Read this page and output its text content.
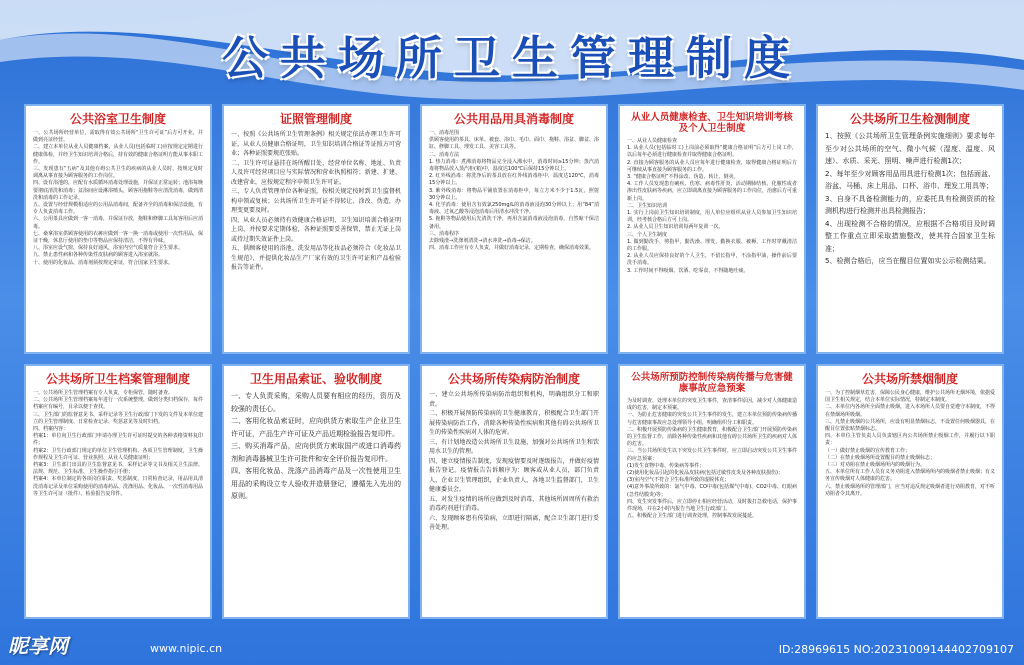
公共场所卫生管理制度
公共浴室卫生制度
一、公共场所经营单位，需取得有效公共场所“卫生许可证”后方可开业，并做到亮证经营。
二、建立本单位从业人员健康档案，从业人员(包括临时工)应按规定定期进行健康体检，并经卫生知识培训合格后，持有效的健康合格证明方能从事本职工作。
三、发现患有“五病”及其他有碍公共卫生的疾病的从业人员时，按规定及时调离从事直接为顾客服务的工作岗位。
四、设有浴池的，应配有水质循环消毒处理设施，并保证正常运转；池浴每晚要彻底清洗和消毒；盆浴间应设淋浴喷头，顾客用拖鞋等应清洗消毒，做到清洗和消毒的工作记录。
五、设置与经营规模相适应的公用品消毒间，配备齐全的消毒和保洁设施，有专人负责消毒工作。
六、公用茶具应做到一客一消毒，并保证存放，拖鞋和修脚工具每客用后应消毒。
七、桑拿浴室供顾客使用的衣裤应做到一客一换一消毒或使用一次性用品，保证干燥，休息厅使用的垫巾等物品应保持清洁，不得有异味。
八、浴室应设气窗，保持良好通风，浴室内空气质量符合卫生要求。
九、禁止患性病和各种传染性皮肤病的顾客进入浴室就浴。
十、使用的化妆品、消毒剂须按规定索证，符合国家卫生要求。
证照管理制度
一、按照《公共场所卫生管理条例》相关规定依法办理卫生许可证，从业人员健康合格证明，卫生知识培训合格证等证照方可营业；各种证照要规范张贴。
二、卫生许可证悬挂在场所醒目处，经营单位名称、地址、负责人及许可经营项目应与实际情况和营业执照相符；新建、扩建、改建营业，应按规定程序申领卫生许可证。
三、专人负责管理单位各种证照，按相关规定按时到卫生监督机构申领或复核；公共场所卫生许可证不得转让、涂改、伪造，办理变更要及时。
四、从业人员必须持有效健康合格证明、卫生知识培训合格证明上岗，并按要求定期体检，各种证照要妥善保管，禁止无证上岗或持过期失效证件上岗。
五、供顾客使用的浴池、洗发用品等化妆品必须符合《化妆品卫生规范》，并提供化妆品生产厂家有效的卫生许可证和产品检验报告等证件。
公共用品用具消毒制度
一、消毒范围
供顾客使用的茶具、床单、被套、浴巾、毛巾、面巾、拖鞋、浴盆、脚盆、浴缸、修脚工具、理发工具、美容工具等。
二、消毒方法
1. 热力消毒：煮沸消毒将物品完全浸入沸水中，消毒时间≥15分钟；蒸汽消毒将物品放入蒸汽柜(箱)中，温度达100℃后保持15分钟以上。
2. 红外线消毒：将洗净后的茶具放在红外线消毒柜中，温度达120℃，消毒15分钟以上。
3. 紫外线消毒：将物品平铺放置在消毒柜中，每立方米不少于1.5瓦，照射30分钟以上。
4. 化学消毒：使用含有效氯250mg/L的消毒液浸泡30分钟以上；用“84”消毒液、过氧乙酸等浸泡消毒后用清水冲洗干净。
5. 拖鞋等物品使用后先清洗干净，再用含氯消毒液浸泡消毒，自然晾干保洁备用。
三、消毒程序
去除残渣→洗涤剂清洗→清水冲洗→消毒→保洁。
四、消毒工作应有专人负责，并做好消毒记录，定期检查，确保消毒效果。
从业人员健康检查、卫生知识培训考核及个人卫生制度
一、从业人员健康检查
1. 从业人员(包括临时工)上岗前必须取得“健康合格证明”后方可上岗工作，以后每年必须进行健康检查并取得健康合格证明。
2. 直接为顾客服务的从业人员应每年进行健康检查，取得健康合格证明后方可继续从事直接为顾客服务的工作。
3. “健康合格证明”不得涂改、伪造、转让、倒卖。
4. 工作人员发现患有痢疾、伤寒、病毒性肝炎、活动期肺结核、化脓性或者渗出性皮肤病等疾病，应立即调离直接为顾客服务的工作岗位，治愈后方可重新上岗。
二、卫生知识培训
1. 实行上岗前卫生知识培训制度，用人单位应组织从业人员参加卫生知识培训，经考核合格后方可上岗。
2. 从业人员卫生知识培训每两年复训一次。
三、个人卫生制度
1. 做到勤洗手、剪指甲，勤洗澡、理发，勤换衣服、被褥，工作时穿戴清洁的工作服。
2. 从业人员应保持良好的个人卫生，不留长指甲，不涂指甲油，操作前后要洗手消毒。
3. 工作时间不得吸烟、饮酒、吃零食，不得随地吐痰。
公共场所卫生检测制度
1、按照《公共场所卫生管理条例实施细则》要求每年至少对公共场所的空气、微小气候（湿度、温度、风速）、水质、采光、照明、噪声进行检测1次；
2、每年至少对顾客用品用具进行检测1次；包括面盆、浴盆、马桶、床上用品、口杯、浴巾、理发工用具等；
3、自身不具备检测能力的，应委托具有检测资质的检测机构进行检测并出具检测报告；
4、出现检测不合格的情况，应根据不合格项目及时调整工作重点立即采取措施整改，使其符合国家卫生标准；
5、检测合格后，应当在醒目位置如实公示检测结果。
公共场所卫生档案管理制度
一、公共场所卫生管理档案有专人负责，专柜保管，随时备查。
二、公共场所卫生管理档案每年进行一次系统整理，做到分类归档保存，每件档案应有编号，目录以便于查找。
三、卫生部门的监督意见书、采样记录等卫生行政部门下发的文件及本单位建立的卫生管理制度、日常检查记录、奖惩意见等及时归档。
四、档案内容：
档案1：单位向卫生行政部门申请办理卫生许可证时提交的各种表格资料复印件；
档案2：卫生行政部门规定的单位卫生管理机构、各项卫生管理制度，卫生操作规程及卫生许可证、营业执照、从业人员健康证明；
档案3：卫生部门出具的卫生监督意见书，采样记录等文书及相关卫生法律、法规、规范、卫生标准、卫生操作指引手册；
档案4：本单位制定的各项岗位职责、奖惩制度，日常检查记录，用品用具清洗消毒记录及单位采购使用的消毒药品、洗涤用品、化妆品、一次性消毒用品等卫生许可证（批件）、检验报告复印件。
卫生用品索证、验收制度
一、专人负责采购，采购人员要有相应的经历，资历及较强的责任心。
二、客用化妆品索证时，应向供货方索取生产企业卫生许可证，产品生产许可证及产品近期检验报告复印件。
三、购买消毒产品，应向供货方索取国产或进口消毒药剂和消毒器械卫生许可批件和安全评价报告复印件。
四、客用化妆品、洗涤产品消毒产品及一次性使用卫生用品的采购设立专人验收并造册登记，遵循先入先出的原则。
公共场所传染病防治制度
一、建立公共场所传染病防治组织和机构，明确组织分工和职责。
二、积极开展预防传染病的卫生健康教育，积极配合卫生部门开展传染病防治工作，消除各种传染性疾病和其他有碍公共场所卫生的传染性疾病对人体的危害。
三、有计划地改造公共场所卫生设施，加强对公共场所卫生和饮用水卫生的管理。
四、建立疫情报告制度，发现疫情要及时逐级报告，并做好疫情报告登记。疫情报告告诉顺序为：顾客或从业人员，部门负责人，企业卫生管理组织，企业负责人，各地卫生监督部门，卫生健康委员会。
五、对发生疫情的场所应做到及时消毒，其他场所固周所有救治消毒药剂进行消毒。
六、发现顾客患有传染病，立即进行隔离，配合卫生部门进行妥善处理。
公共场所预防控制传染病传播与危害健康事故应急预案
为及时调查、处理本单位的突发卫生事件，查清事件原因，减少对人体健康造成的危害，制定本预案。
一、为防止危害健康的突发公共卫生事件的发生，建立本单位预防传染病传播与危害健康事故应急处理领导小组，明确组织分工和职责。
二、积极开展预防传染病的卫生健康教育，积极配合卫生部门开展预防传染病的卫生监督工作，消除各种传染性疾病和其他有碍公共场所卫生的疾病对人体的危害。
三、当公共场所发生以下突发公共卫生事件时，应立即启动突发公共卫生事件的应急预案：
(1)发生食物中毒、传染病等事件；
(2)使用化妆品引起的化妆品皮肤病(包括过敏性皮炎及各种皮肤损伤)；
(3)室内空气不符合卫生标准所致的虚脱休克；
(4)意外事故所致的：氯气中毒、CO中毒(包括煤气中毒)、CO2中毒、红眼病(急性结膜炎)等；
四、发生突发事件后，应立即停止相应经营活动，及时拨打急救电话，保护事件现场，并在2小时内报告当地卫生行政部门。
五、积极配合卫生部门进行调查处理，控制事故发展蔓延。
公共场所禁烟制度
一、为了控制烟草危害，保障公民身心健康，维护公共场所无烟环境，依据爱国卫生相关规定，结合本单位实际情况，特制定本制度。
二、本单位内各场所全面禁止吸烟，进入本场所人员要自觉遵守本制度，不得在禁烟场所吸烟。
三、凡禁止吸烟的公共场所，应设有明显禁烟标志，不设置任何吸烟器具，在醒目位置张贴禁烟标志。
四、本单位主管负责人员负责辖区内公共场所禁止吸烟工作，并履行以下职责：
（一）做好禁止吸烟的宣传教育工作；
（二）在禁止吸烟场所设置醒目的禁止吸烟标志；
（三）对劝阻在禁止吸烟场所内的吸烟行为。
五、本单位所有工作人员有义务劝阻进入禁烟场所内的吸烟者禁止吸烟；有义务宣传吸烟对人体健康的危害。
六、禁止吸烟场所的管理部门，应当对违反规定吸烟者进行劝阻教育，对不听劝阻者令其离开。
昵享网	www.nipic.cn	ID:28969615 NO:20231009144402709107
